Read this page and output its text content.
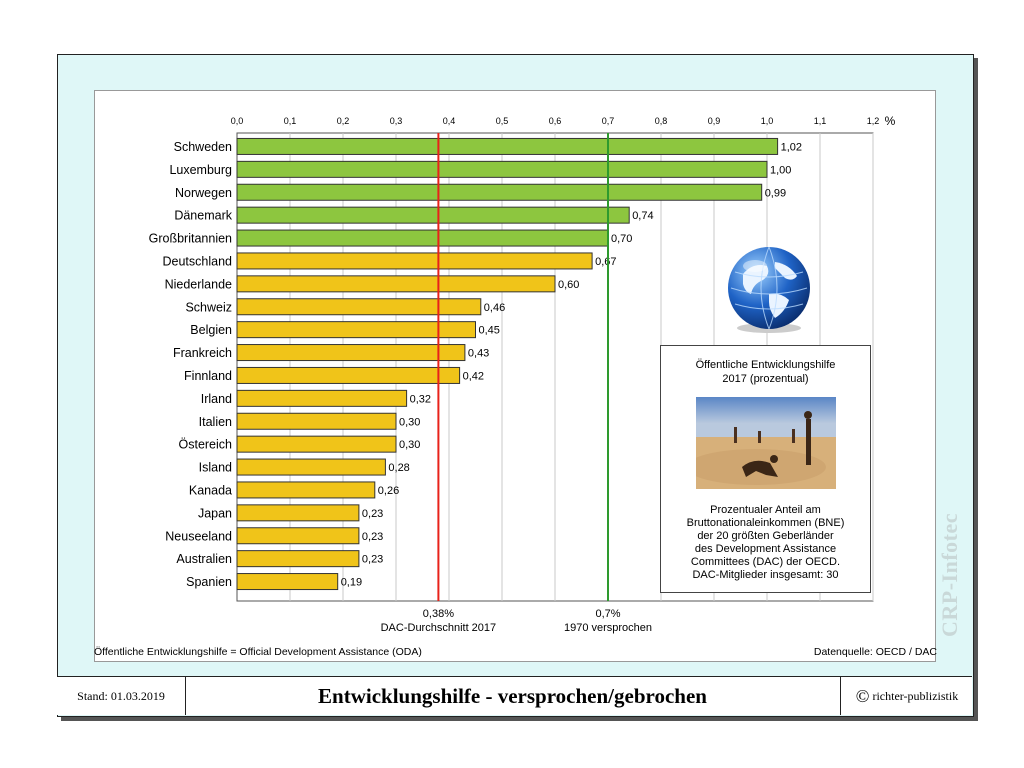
0,0	0,1	0,2	0,3	0,4	0,5	0,6	0,7	0,8	0,9	1,0	1,1	1,2 %
Schweden	1,02
Luxemburg	1,00
Norwegen	0,99
Dänemark	0,74
Großbritannien	0,70
Deutschland	0,67
Niederlande	0,60
Schweiz	0,46
Belgien	0,45
Frankreich	0,43
Finnland	0,42
Irland	0,32
Italien	0,30
Östereich	0,30
Island	0,28
Kanada	0,26
Japan	0,23
Neuseeland	0,23
Australien	0,23
Spanien	0,19
0,38%
DAC-Durchschnitt 2017
0,7%
1970 versprochen
Öffentliche Entwicklungshilfe
2017 (prozentual)
Prozentualer Anteil am
Bruttonationaleinkommen (BNE)
der 20 größten Geberländer
des Development Assistance
Committees (DAC) der OECD.
DAC-Mitglieder insgesamt: 30
Öffentliche Entwicklungshilfe = Official Development Assistance (ODA)	Datenquelle: OECD / DAC
CRP-Infotec
Stand: 01.03.2019	Entwicklungshilfe - versprochen/gebrochen	© richter-publizistik
